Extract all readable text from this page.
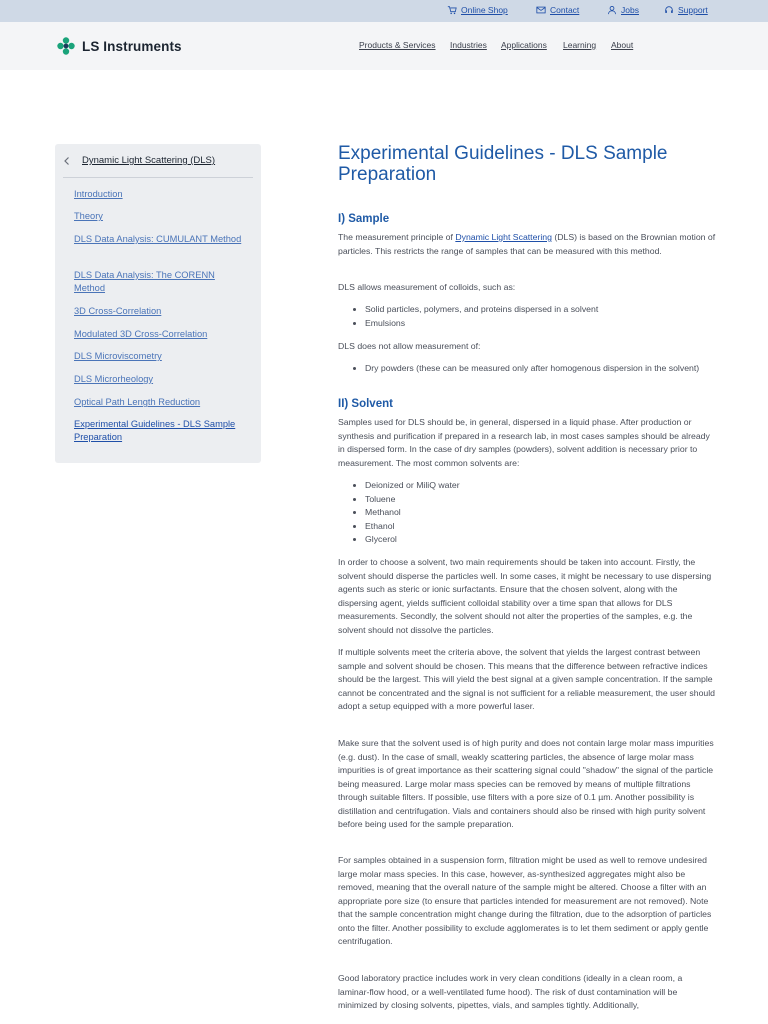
Online Shop	Contact	Jobs	Support
LS Instruments	Products & Services Industries Applications Learning About
Dynamic Light Scattering (DLS)
Introduction
Theory
DLS Data Analysis: CUMULANT Method
DLS Data Analysis: The CORENN Method
3D Cross-Correlation
Modulated 3D Cross-Correlation
DLS Microviscometry
DLS Microrheology
Optical Path Length Reduction
Experimental Guidelines - DLS Sample Preparation
Experimental Guidelines - DLS Sample Preparation
I) Sample

The measurement principle of Dynamic Light Scattering (DLS) is based on the Brownian motion of particles. This restricts the range of samples that can be measured with this method.

DLS allows measurement of colloids, such as:

• Solid particles, polymers, and proteins dispersed in a solvent
• Emulsions

DLS does not allow measurement of:

• Dry powders (these can be measured only after homogenous dispersion in the solvent)
II) Solvent

Samples used for DLS should be, in general, dispersed in a liquid phase. After production or synthesis and purification if prepared in a research lab, in most cases samples should be already in dispersed form. In the case of dry samples (powders), solvent addition is necessary prior to measurement. The most common solvents are:

• Deionized or MiliQ water
• Toluene
• Methanol
• Ethanol
• Glycerol

In order to choose a solvent, two main requirements should be taken into account. Firstly, the solvent should disperse the particles well. In some cases, it might be necessary to use dispersing agents such as steric or ionic surfactants. Ensure that the chosen solvent, along with the dispersing agent, yields sufficient colloidal stability over a time span that allows for DLS measurements. Secondly, the solvent should not alter the properties of the samples, e.g. the solvent should not dissolve the particles.

If multiple solvents meet the criteria above, the solvent that yields the largest contrast between sample and solvent should be chosen. This means that the difference between refractive indices should be the largest. This will yield the best signal at a given sample concentration. If the sample cannot be concentrated and the signal is not sufficient for a reliable measurement, the user should adopt a setup equipped with a more powerful laser.

Make sure that the solvent used is of high purity and does not contain large molar mass impurities (e.g. dust). In the case of small, weakly scattering particles, the absence of large molar mass impurities is of great importance as their scattering signal could "shadow" the signal of the particle being measured. Large molar mass species can be removed by means of multiple filtrations through suitable filters. If possible, use filters with a pore size of 0.1 µm. Another possibility is distillation and centrifugation. Vials and containers should also be rinsed with high purity solvent before being used for the sample preparation.

For samples obtained in a suspension form, filtration might be used as well to remove undesired large molar mass species. In this case, however, as-synthesized aggregates might also be removed, meaning that the overall nature of the sample might be altered. Choose a filter with an appropriate pore size (to ensure that particles intended for measurement are not removed). Note that the sample concentration might change during the filtration, due to the adsorption of particles onto the filter. Another possibility to exclude agglomerates is to let them sediment or apply gentle centrifugation.

Good laboratory practice includes work in very clean conditions (ideally in a clean room, a laminar-flow hood, or a well-ventilated fume hood). The risk of dust contamination will be minimized by closing solvents, pipettes, vials, and samples tightly. Additionally,
